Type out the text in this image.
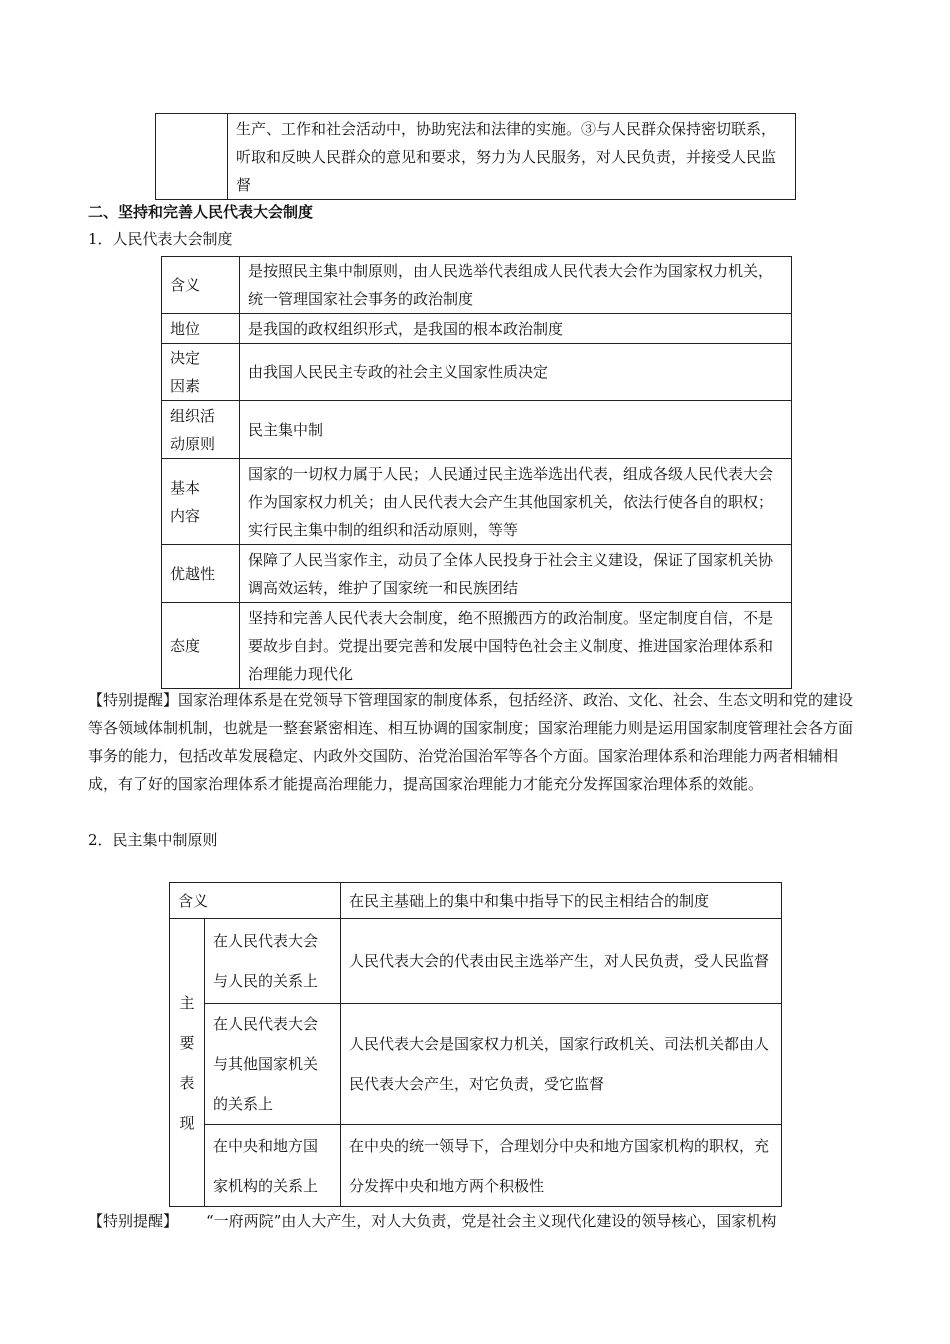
	生产、工作和社会活动中，协助宪法和法律的实施。③与人民群众保持密切联系，听取和反映人民群众的意见和要求，努力为人民服务，对人民负责，并接受人民监督
二、坚持和完善人民代表大会制度
1．人民代表大会制度
含义	是按照民主集中制原则，由人民选举代表组成人民代表大会作为国家权力机关，统一管理国家社会事务的政治制度
地位	是我国的政权组织形式，是我国的根本政治制度
决定因素	由我国人民民主专政的社会主义国家性质决定
组织活动原则	民主集中制
基本内容	国家的一切权力属于人民；人民通过民主选举选出代表，组成各级人民代表大会作为国家权力机关；由人民代表大会产生其他国家机关，依法行使各自的职权；实行民主集中制的组织和活动原则，等等
优越性	保障了人民当家作主，动员了全体人民投身于社会主义建设，保证了国家机关协调高效运转，维护了国家统一和民族团结
态度	坚持和完善人民代表大会制度，绝不照搬西方的政治制度。坚定制度自信，不是要故步自封。党提出要完善和发展中国特色社会主义制度、推进国家治理体系和治理能力现代化
【特别提醒】国家治理体系是在党领导下管理国家的制度体系，包括经济、政治、文化、社会、生态文明和党的建设等各领域体制机制，也就是一整套紧密相连、相互协调的国家制度；国家治理能力则是运用国家制度管理社会各方面事务的能力，包括改革发展稳定、内政外交国防、治党治国治军等各个方面。国家治理体系和治理能力两者相辅相成，有了好的国家治理体系才能提高治理能力，提高国家治理能力才能充分发挥国家治理体系的效能。
2．民主集中制原则
含义		在民主基础上的集中和集中指导下的民主相结合的制度

主要表现	在人民代表大会与人民的关系上	人民代表大会的代表由民主选举产生，对人民负责，受人民监督
	在人民代表大会与其他国家机关的关系上	人民代表大会是国家权力机关，国家行政机关、司法机关都由人民代表大会产生，对它负责，受它监督
	在中央和地方国家机构的关系上	在中央的统一领导下，合理划分中央和地方国家机构的职权，充分发挥中央和地方两个积极性
【特别提醒】 “一府两院”由人大产生，对人大负责，党是社会主义现代化建设的领导核心，国家机构
